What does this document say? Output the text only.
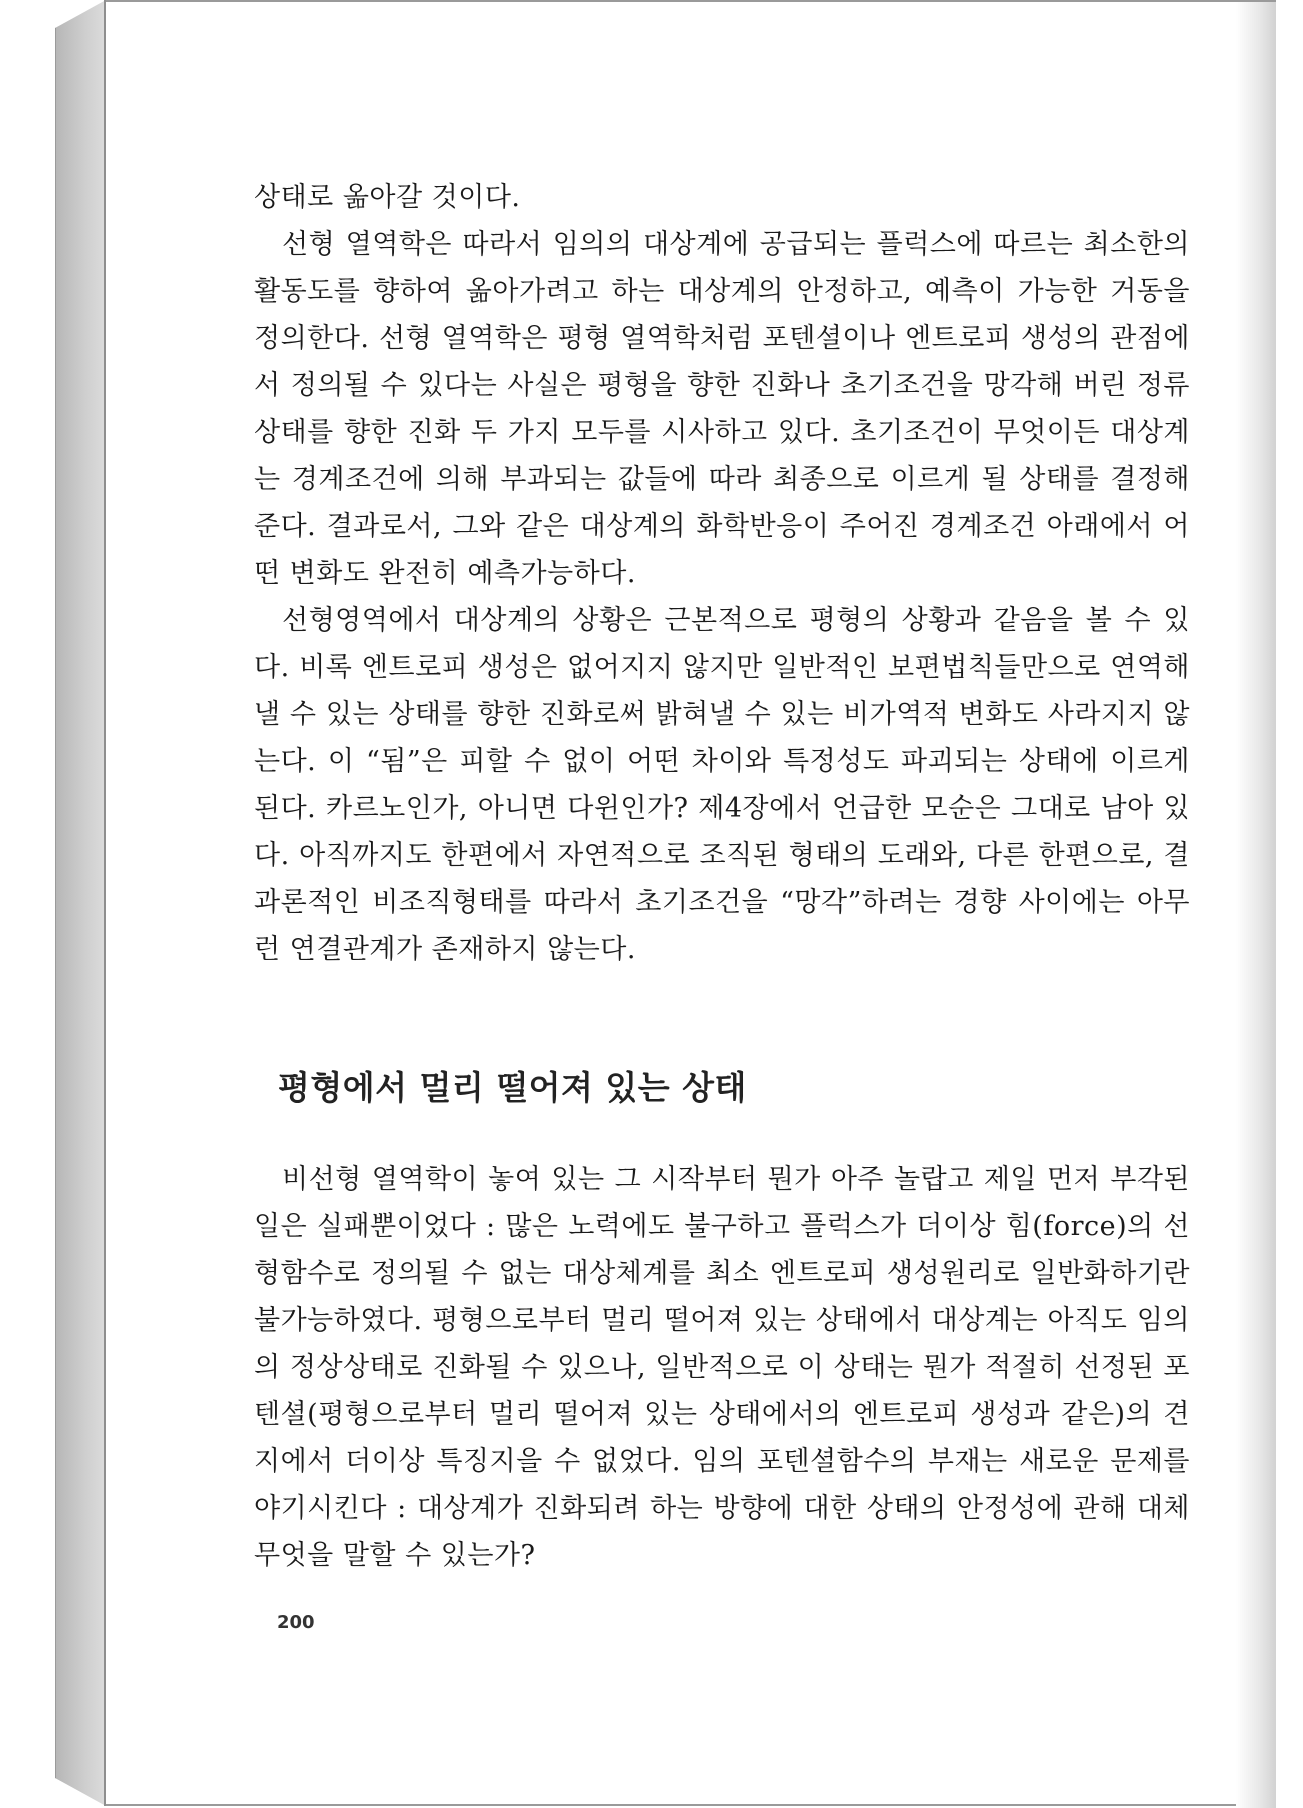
상태로 옮아갈 것이다.

선형 열역학은 따라서 임의의 대상계에 공급되는 플럭스에 따르는 최소한의 활동도를 향하여 옮아가려고 하는 대상계의 안정하고, 예측이 가능한 거동을 정의한다. 선형 열역학은 평형 열역학처럼 포텐셜이나 엔트로피 생성의 관점에서 정의될 수 있다는 사실은 평형을 향한 진화나 초기조건을 망각해 버린 정류상태를 향한 진화 두 가지 모두를 시사하고 있다. 초기조건이 무엇이든 대상계는 경계조건에 의해 부과되는 값들에 따라 최종으로 이르게 될 상태를 결정해 준다. 결과로서, 그와 같은 대상계의 화학반응이 주어진 경계조건 아래에서 어떤 변화도 완전히 예측가능하다.

선형영역에서 대상계의 상황은 근본적으로 평형의 상황과 같음을 볼 수 있다. 비록 엔트로피 생성은 없어지지 않지만 일반적인 보편법칙들만으로 연역해낼 수 있는 상태를 향한 진화로써 밝혀낼 수 있는 비가역적 변화도 사라지지 않는다. 이 “됨”은 피할 수 없이 어떤 차이와 특정성도 파괴되는 상태에 이르게 된다. 카르노인가, 아니면 다윈인가? 제4장에서 언급한 모순은 그대로 남아 있다. 아직까지도 한편에서 자연적으로 조직된 형태의 도래와, 다른 한편으로, 결과론적인 비조직형태를 따라서 초기조건을 “망각”하려는 경향 사이에는 아무런 연결관계가 존재하지 않는다.

평형에서 멀리 떨어져 있는 상태

비선형 열역학이 놓여 있는 그 시작부터 뭔가 아주 놀랍고 제일 먼저 부각된 일은 실패뿐이었다 : 많은 노력에도 불구하고 플럭스가 더이상 힘(force)의 선형함수로 정의될 수 없는 대상체계를 최소 엔트로피 생성원리로 일반화하기란 불가능하였다. 평형으로부터 멀리 떨어져 있는 상태에서 대상계는 아직도 임의의 정상상태로 진화될 수 있으나, 일반적으로 이 상태는 뭔가 적절히 선정된 포텐셜(평형으로부터 멀리 떨어져 있는 상태에서의 엔트로피 생성과 같은)의 견지에서 더이상 특징지을 수 없었다. 임의 포텐셜함수의 부재는 새로운 문제를 야기시킨다 : 대상계가 진화되려 하는 방향에 대한 상태의 안정성에 관해 대체 무엇을 말할 수 있는가?

200
